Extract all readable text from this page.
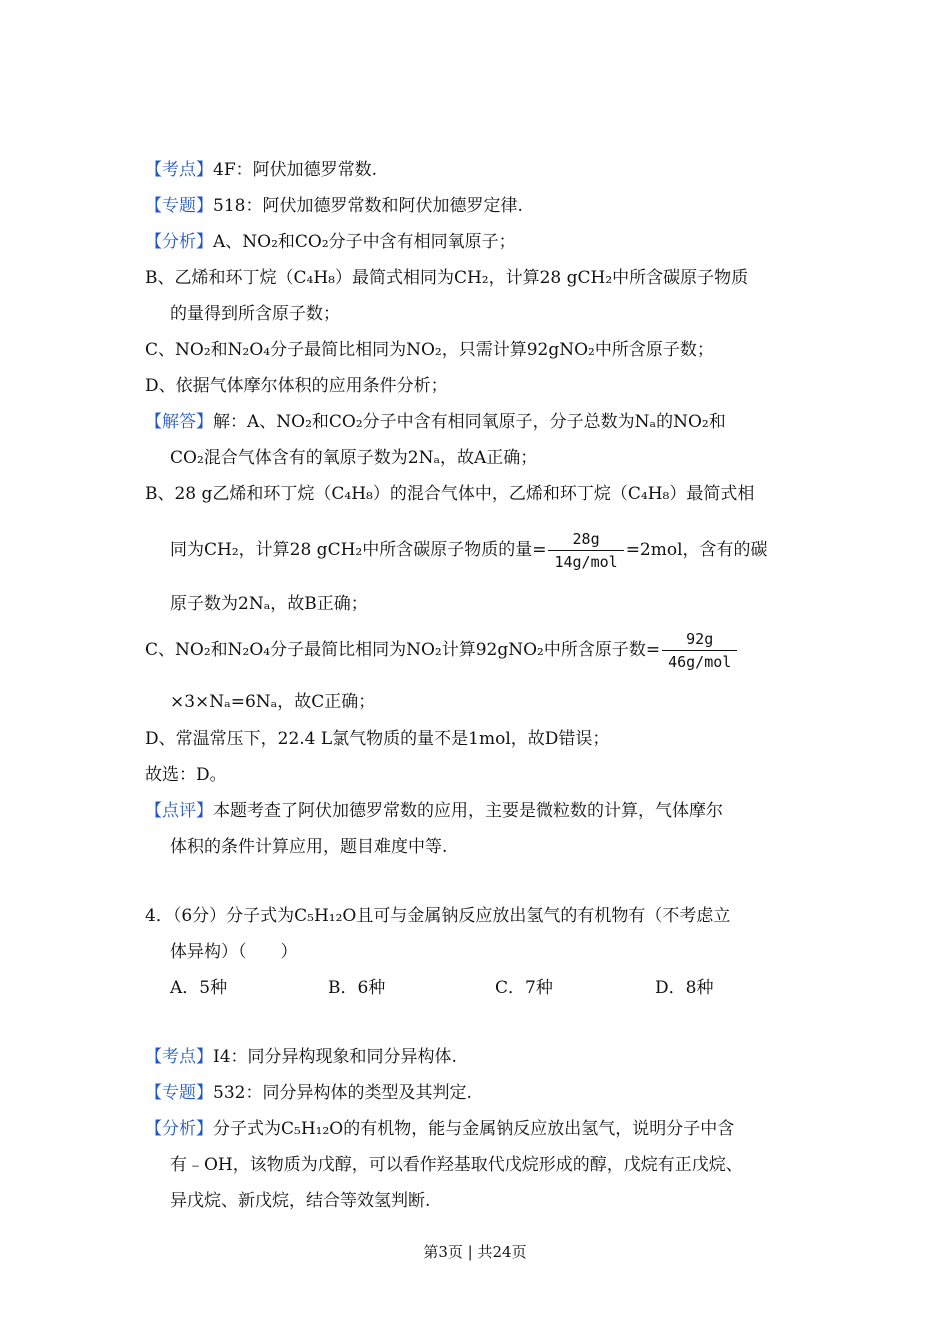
【考点】4F：阿伏加德罗常数.
【专题】518：阿伏加德罗常数和阿伏加德罗定律.
【分析】A、NO₂和CO₂分子中含有相同氧原子；
B、乙烯和环丁烷（C₄H₈）最简式相同为CH₂，计算28 gCH₂中所含碳原子物质
的量得到所含原子数；
C、NO₂和N₂O₄分子最简比相同为NO₂，只需计算92gNO₂中所含原子数；
D、依据气体摩尔体积的应用条件分析；
【解答】解：A、NO₂和CO₂分子中含有相同氧原子，分子总数为Nₐ的NO₂和
CO₂混合气体含有的氧原子数为2Nₐ，故A正确；
B、28 g乙烯和环丁烷（C₄H₈）的混合气体中，乙烯和环丁烷（C₄H₈）最简式相
同为CH₂，计算28 gCH₂中所含碳原子物质的量= $\frac{28g}{\text{14g/mol}} =2mol$，含有的碳
原子数为2Nₐ，故B正确；
C、NO₂和N₂O₄分子最简比相同为NO₂计算92gNO₂中所含原子数= $\frac{92g}{\text{46g/mol}}$
×3×Nₐ=6Nₐ，故C正确；
D、常温常压下，22.4 L氯气物质的量不是1mol，故D错误；
故选：D。
【点评】本题考查了阿伏加德罗常数的应用，主要是微粒数的计算，气体摩尔
体积的条件计算应用，题目难度中等.
4．（6分）分子式为C₅H₁₂O且可与金属钠反应放出氢气的有机物有（不考虑立
体异构）（　　）
A．5种	B．6种	C．7种	D．8种
【考点】I4：同分异构现象和同分异构体.
【专题】532：同分异构体的类型及其判定.
【分析】分子式为C₅H₁₂O的有机物，能与金属钠反应放出氢气，说明分子中含
有﹣OH，该物质为戊醇，可以看作羟基取代戊烷形成的醇，戊烷有正戊烷、
异戊烷、新戊烷，结合等效氢判断.
第3页 | 共24页
